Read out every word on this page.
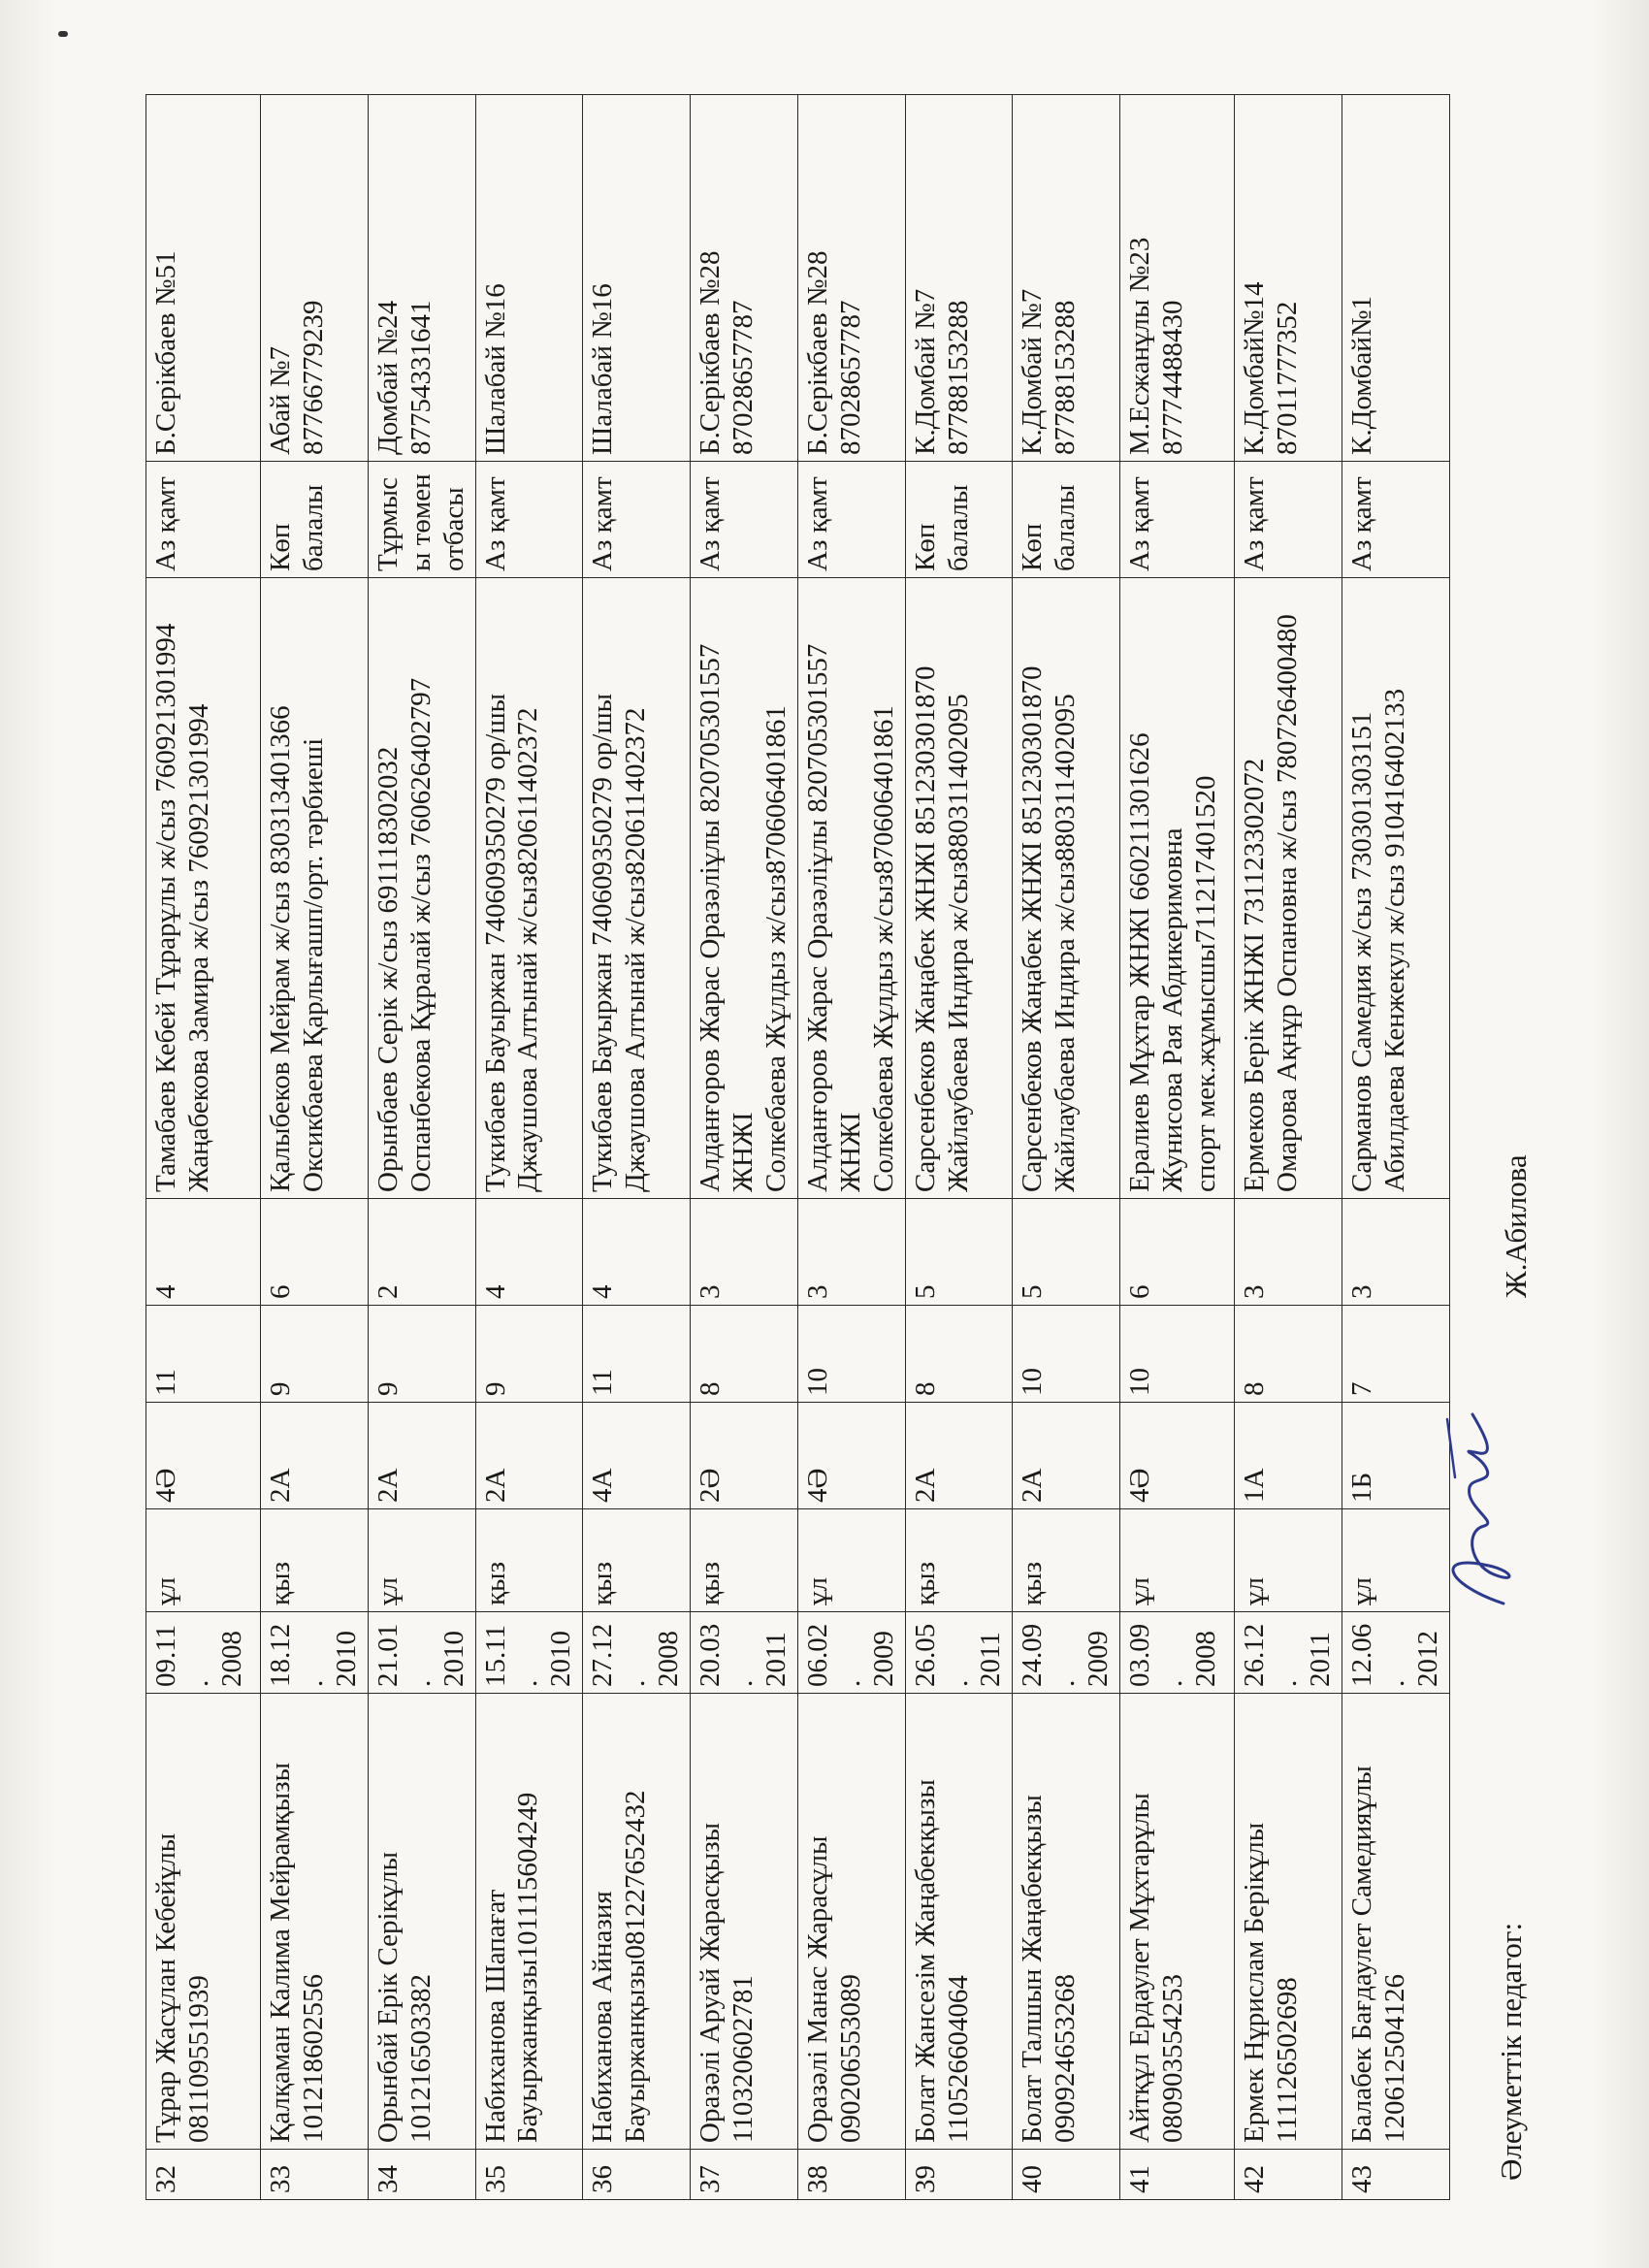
32	Тұрар Жасұлан Кебейұлы 081109551939	09.11.
2008	ұл	4Ә	11	4	Тамабаев Кебей Тұрарұлы ж/сыз 760921301994
Жаңабекова Замира ж/сыз 760921301994	Аз қамт	Б.Серікбаев №51
33	Қалқаман Калима Мейрамқызы 101218602556	18.12.
2010	қыз	2А	9	6	Қалыбеков Мейрам ж/сыз 830313401366
Оксикбаева Қарлығашп/орт. тәрбиеші	Көп балалы	Абай №7
87766779239
34	Орынбай Ерік Серікұлы 101216503382	21.01.
2010	ұл	2А	9	2	Орынбаев Серік ж/сыз 691118302032
Оспанбекова Құралай ж/сыз 760626402797	Тұрмысы төмен отбасы	Домбай №24
87754331641
35	Набиханова Шапағат Бауыржанқызы101115604249	15.11.
2010	қыз	2А	9	4	Тукибаев Бауыржан 740609350279 ор/шы
Джаушова Алтынай ж/сыз820611402372	Аз қамт	Шалабай №16
36	Набиханова Айназия Бауыржанқызы081227652432	27.12.
2008	қыз	4А	11	4	Тукибаев Бауыржан 740609350279 ор/шы
Джаушова Алтынай ж/сыз820611402372	Аз қамт	Шалабай №16
37	Оразәлі Аруай Жарасқызы 110320602781	20.03.
2011	қыз	2Ә	8	3	Алданғоров Жарас Оразәліұлы 820705301557 ЖНЖІ
Солкебаева Жұлдыз ж/сыз870606401861	Аз қамт	Б.Серікбаев №28
87028657787
38	Оразәлі Манас Жарасұлы 090206553089	06.02.
2009	ұл	4Ә	10	3	Алданғоров Жарас Оразәліұлы 820705301557 ЖНЖІ
Солкебаева Жұлдыз ж/сыз870606401861	Аз қамт	Б.Серікбаев №28
87028657787
39	Болат Жансезім Жаңабекқызы 110526604064	26.05.
2011	қыз	2А	8	5	Сарсенбеков Жаңабек ЖНЖІ 851230301870
Жайлаубаева Индира ж/сыз880311402095	Көп балалы	К.Домбай №7
87788153288
40	Болат Талшын Жаңабекқызы 090924653268	24.09.
2009	қыз	2А	10	5	Сарсенбеков Жаңабек ЖНЖІ 851230301870
Жайлаубаева Индира ж/сыз880311402095	Көп балалы	К.Домбай №7
87788153288
41	Айтқұл Ердаулет Мұхтарұлы 080903554253	03.09.
2008	ұл	4Ә	10	6	Ералиев Мұхтар ЖНЖІ 660211301626
Жунисова Рая Абдикеримовна
спорт мек.жұмысшы711217401520	Аз қамт	М.Есжанұлы №23
87774488430
42	Ермек Нұрислам Берікұлы 111126502698	26.12.
2011	ұл	1А	8	3	Ермеков Берік ЖНЖІ 731123302072
Омарова Ақнұр Оспановна ж/сыз 780726400480	Аз қамт	К.Домбай№14
87011777352
43	Балабек Бағдаулет Самедияұлы 120612504126	12.06.
2012	ұл	1Б	7	3	Сарманов Самедия ж/сыз 730301303151
Абилдаева Кенжекул ж/сыз 910416402133	Аз қамт	К.Домбай№1
Әлеуметтік педагог:
Ж.Абилова
